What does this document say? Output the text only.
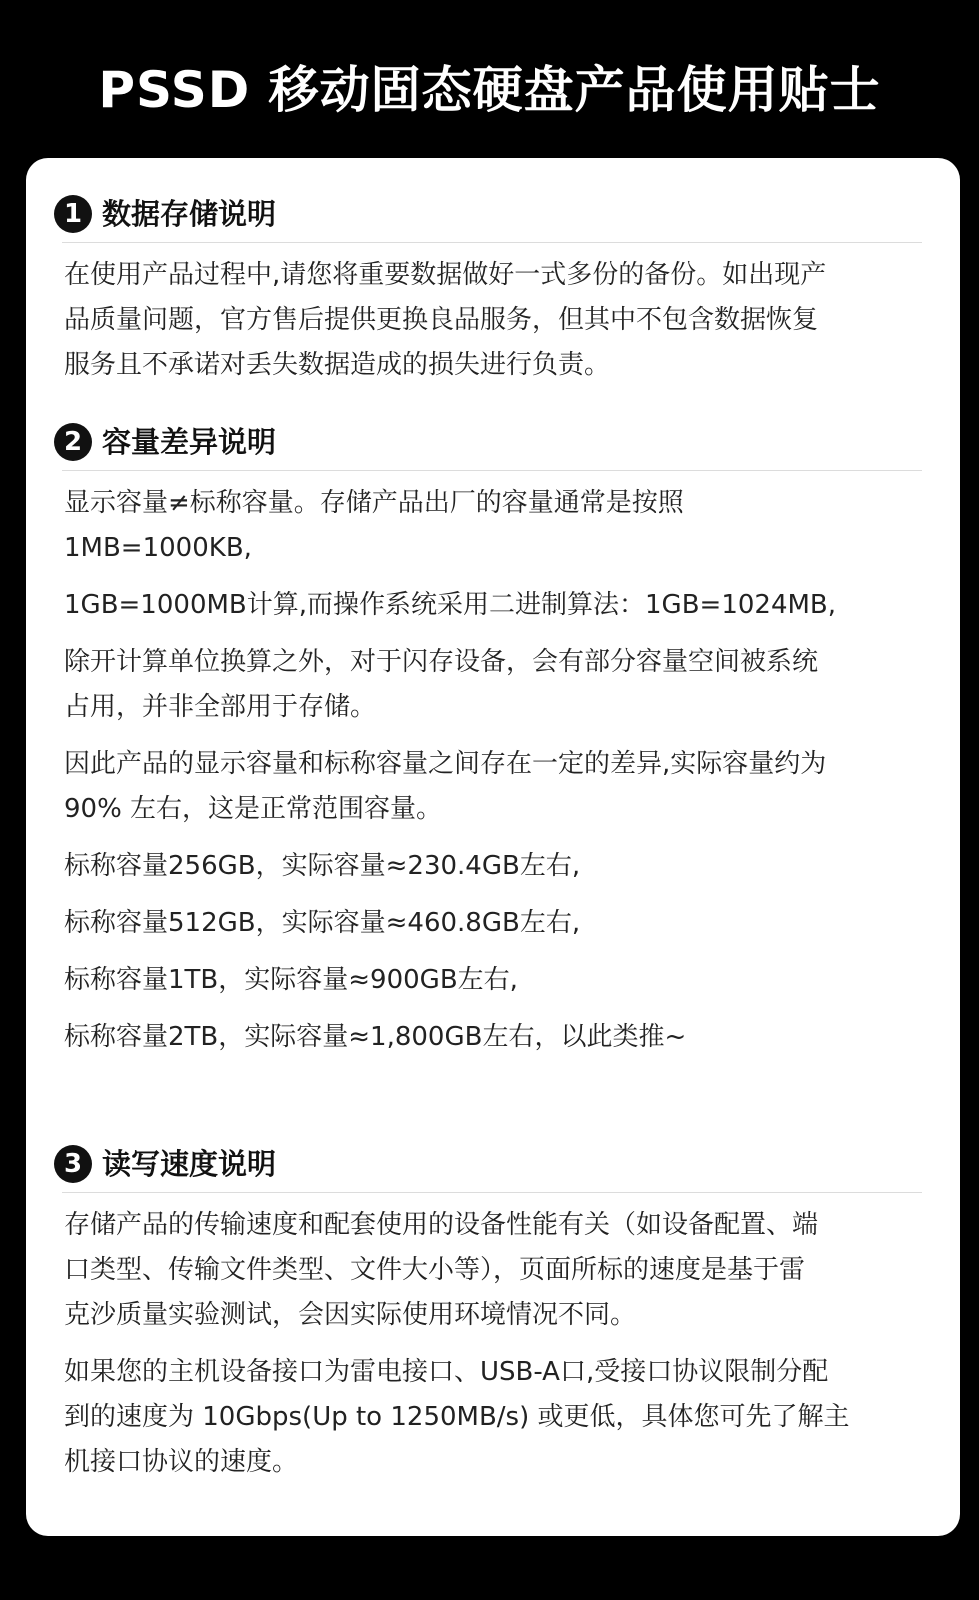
PSSD 移动固态硬盘产品使用贴士
1 数据存储说明

在使用产品过程中,请您将重要数据做好一式多份的备份。如出现产
品质量问题，官方售后提供更换良品服务，但其中不包含数据恢复
服务且不承诺对丢失数据造成的损失进行负责。

2 容量差异说明

显示容量≠标称容量。存储产品出厂的容量通常是按照
1MB=1000KB,

1GB=1000MB计算,而操作系统采用二进制算法：1GB=1024MB,

除开计算单位换算之外，对于闪存设备，会有部分容量空间被系统
占用，并非全部用于存储。

因此产品的显示容量和标称容量之间存在一定的差异,实际容量约为
90% 左右，这是正常范围容量。

标称容量256GB，实际容量≈230.4GB左右,

标称容量512GB，实际容量≈460.8GB左右,

标称容量1TB，实际容量≈900GB左右,

标称容量2TB，实际容量≈1,800GB左右，以此类推~

3 读写速度说明

存储产品的传输速度和配套使用的设备性能有关（如设备配置、端
口类型、传输文件类型、文件大小等），页面所标的速度是基于雷
克沙质量实验测试，会因实际使用环境情况不同。

如果您的主机设备接口为雷电接口、USB-A口,受接口协议限制分配
到的速度为 10Gbps(Up to 1250MB/s) 或更低，具体您可先了解主
机接口协议的速度。
